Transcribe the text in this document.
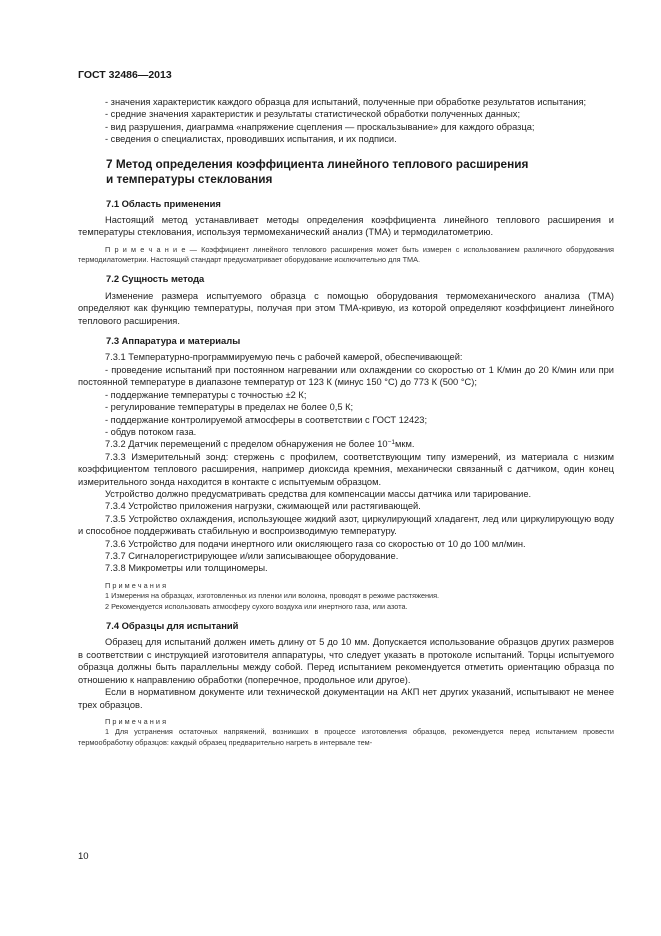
ГОСТ 32486—2013

- значения характеристик каждого образца для испытаний, полученные при обработке результатов испытания;

- средние значения характеристик и результаты статистической обработки полученных данных;

- вид разрушения, диаграмма «напряжение сцепления — проскальзывание» для каждого образца;

- сведения о специалистах, проводивших испытания, и их подписи.

7 Метод определения коэффициента линейного теплового расширения
и температуры стеклования
7.1 Область применения

Настоящий метод устанавливает методы определения коэффициента линейного теплового расширения и температуры стеклования, используя термомеханический анализ (ТМА) и термодилатометрию.

П р и м е ч а н и е — Коэффициент линейного теплового расширения может быть измерен с использованием различного оборудования термодилатометрии. Настоящий стандарт предусматривает оборудование исключительно для ТМА.

7.2 Сущность метода

Изменение размера испытуемого образца с помощью оборудования термомеханического анализа (ТМА) определяют как функцию температуры, получая при этом ТМА-кривую, из которой определяют коэффициент линейного теплового расширения.

7.3 Аппаратура и материалы

7.3.1 Температурно-программируемую печь с рабочей камерой, обеспечивающей:

- проведение испытаний при постоянном нагревании или охлаждении со скоростью от 1 К/мин до 20 К/мин или при постоянной температуре в диапазоне температур от 123 К (минус 150 °С) до 773 К (500 °С);

- поддержание температуры с точностью ±2 К;

- регулирование температуры в пределах не более 0,5 К;

- поддержание контролируемой атмосферы в соответствии с ГОСТ 12423;

- обдув потоком газа.

7.3.2 Датчик перемещений с пределом обнаружения не более $10^{-1}мкм$.

7.3.3 Измерительный зонд: стержень с профилем, соответствующим типу измерений, из материала с низким коэффициентом теплового расширения, например диоксида кремния, механически связанный с датчиком, один конец измерительного зонда находится в контакте с испытуемым образцом.

Устройство должно предусматривать средства для компенсации массы датчика или тарирование.

7.3.4 Устройство приложения нагрузки, сжимающей или растягивающей.

7.3.5 Устройство охлаждения, использующее жидкий азот, циркулирующий хладагент, лед или циркулирующую воду и способное поддерживать стабильную и воспроизводимую температуру.

7.3.6 Устройство для подачи инертного или окисляющего газа со скоростью от 10 до 100 мл/мин.

7.3.7 Сигналорегистрирующее и/или записывающее оборудование.

7.3.8 Микрометры или толщиномеры.

Примечания

1 Измерения на образцах, изготовленных из пленки или волокна, проводят в режиме растяжения.

2 Рекомендуется использовать атмосферу сухого воздуха или инертного газа, или азота.

7.4 Образцы для испытаний

Образец для испытаний должен иметь длину от 5 до 10 мм. Допускается использование образцов других размеров в соответствии с инструкцией изготовителя аппаратуры, что следует указать в протоколе испытаний. Торцы испытуемого образца должны быть параллельны между собой. Перед испытанием рекомендуется отметить ориентацию образца по отношению к направлению обработки (поперечное, продольное или другое).

Если в нормативном документе или технической документации на АКП нет других указаний, испытывают не менее трех образцов.

Примечания

1 Для устранения остаточных напряжений, возникших в процессе изготовления образцов, рекомендуется перед испытанием провести термообработку образцов: каждый образец предварительно нагреть в интервале тем-

10
